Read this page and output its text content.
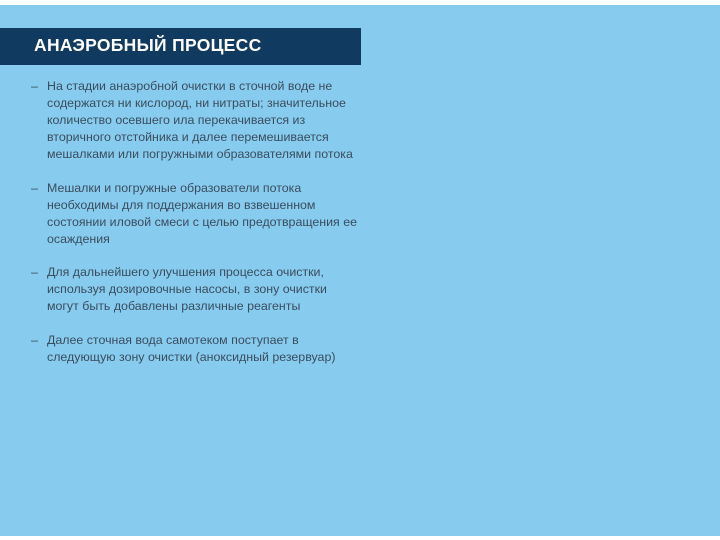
АНАЭРОБНЫЙ ПРОЦЕСС
– На стадии анаэробной очистки в сточной воде не содержатся ни кислород, ни нитраты; значительное количество осевшего ила перекачивается из вторичного отстойника и далее перемешивается мешалками или погружными образователями потока
– Мешалки и погружные образователи потока необходимы для поддержания во взвешенном состоянии иловой смеси с целью предотвращения ее осаждения
– Для дальнейшего улучшения процесса очистки, используя дозировочные насосы, в зону очистки могут быть добавлены различные реагенты
– Далее сточная вода самотеком поступает в следующую зону очистки (аноксидный резервуар)
